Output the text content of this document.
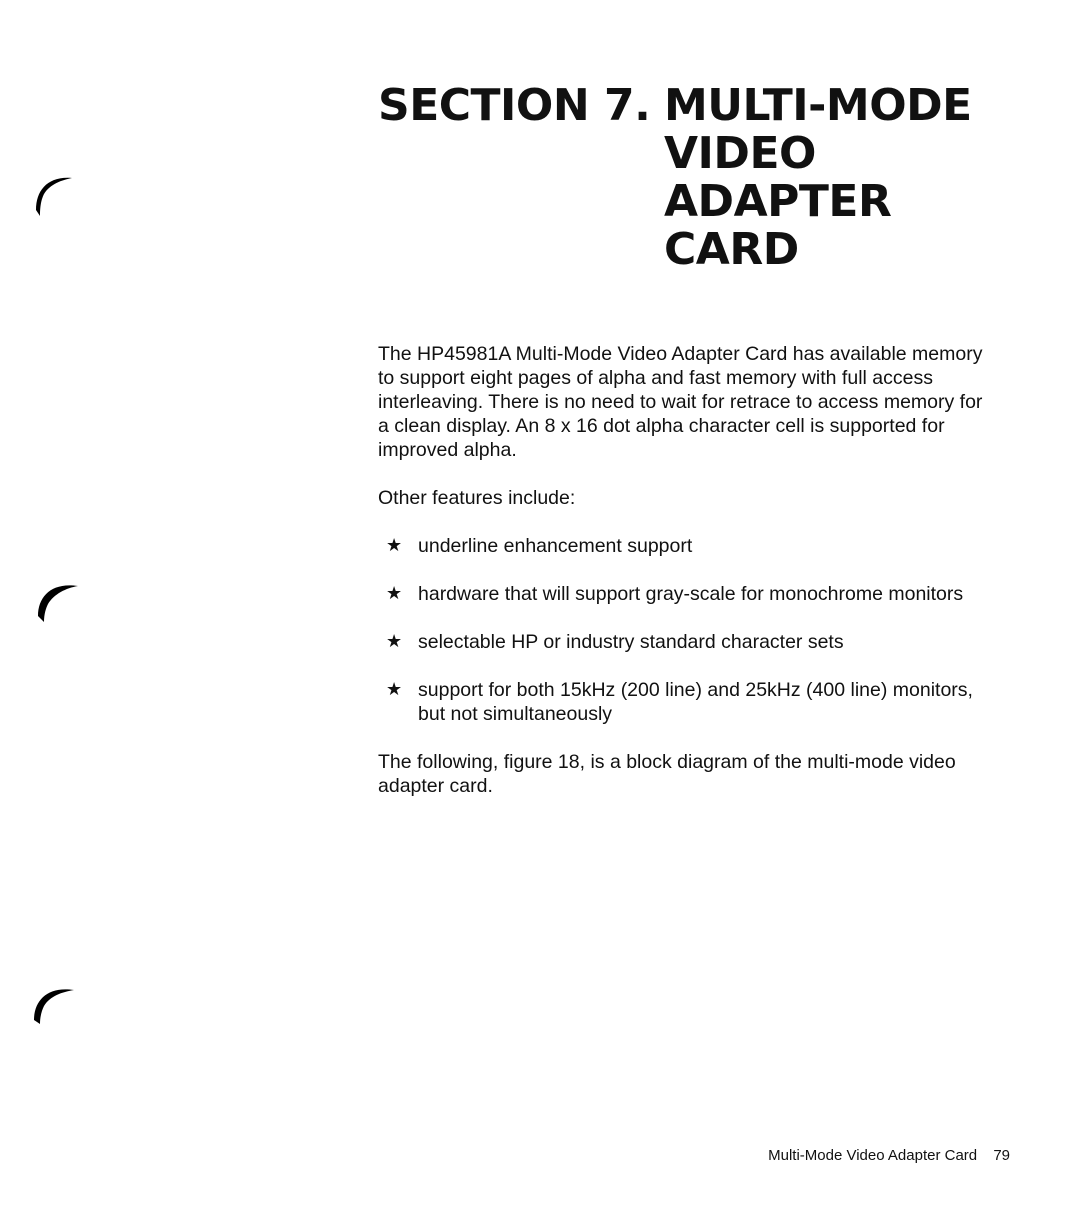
SECTION 7. MULTI-MODE
VIDEO
ADAPTER
CARD

The HP45981A Multi-Mode Video Adapter Card has available memory to support eight pages of alpha and fast memory with full access interleaving. There is no need to wait for retrace to access memory for a clean display. An 8 x 16 dot alpha character cell is supported for improved alpha.

Other features include:

★ underline enhancement support
★ hardware that will support gray-scale for monochrome monitors
★ selectable HP or industry standard character sets
★ support for both 15kHz (200 line) and 25kHz (400 line) monitors, but not simultaneously

The following, figure 18, is a block diagram of the multi-mode video adapter card.

Multi-Mode Video Adapter Card 79
